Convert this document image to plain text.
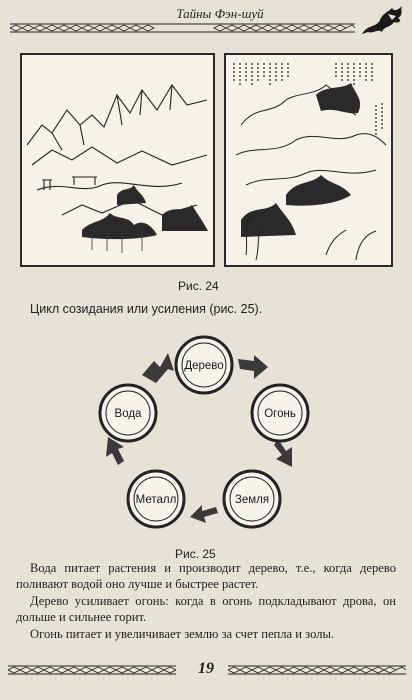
Тайны Фэн-шуй
Рис. 24
Цикл созидания или усиления (рис. 25).
Дерево
Огонь
Земля
Металл
Вода
Рис. 25

Вода питает растения и производит дерево, т.е., когда дерево поливают водой оно лучше и быстрее растет.

Дерево усиливает огонь: когда в огонь подкладывают дрова, он дольше и сильнее горит.

Огонь питает и увеличивает землю за счет пепла и золы.

19
